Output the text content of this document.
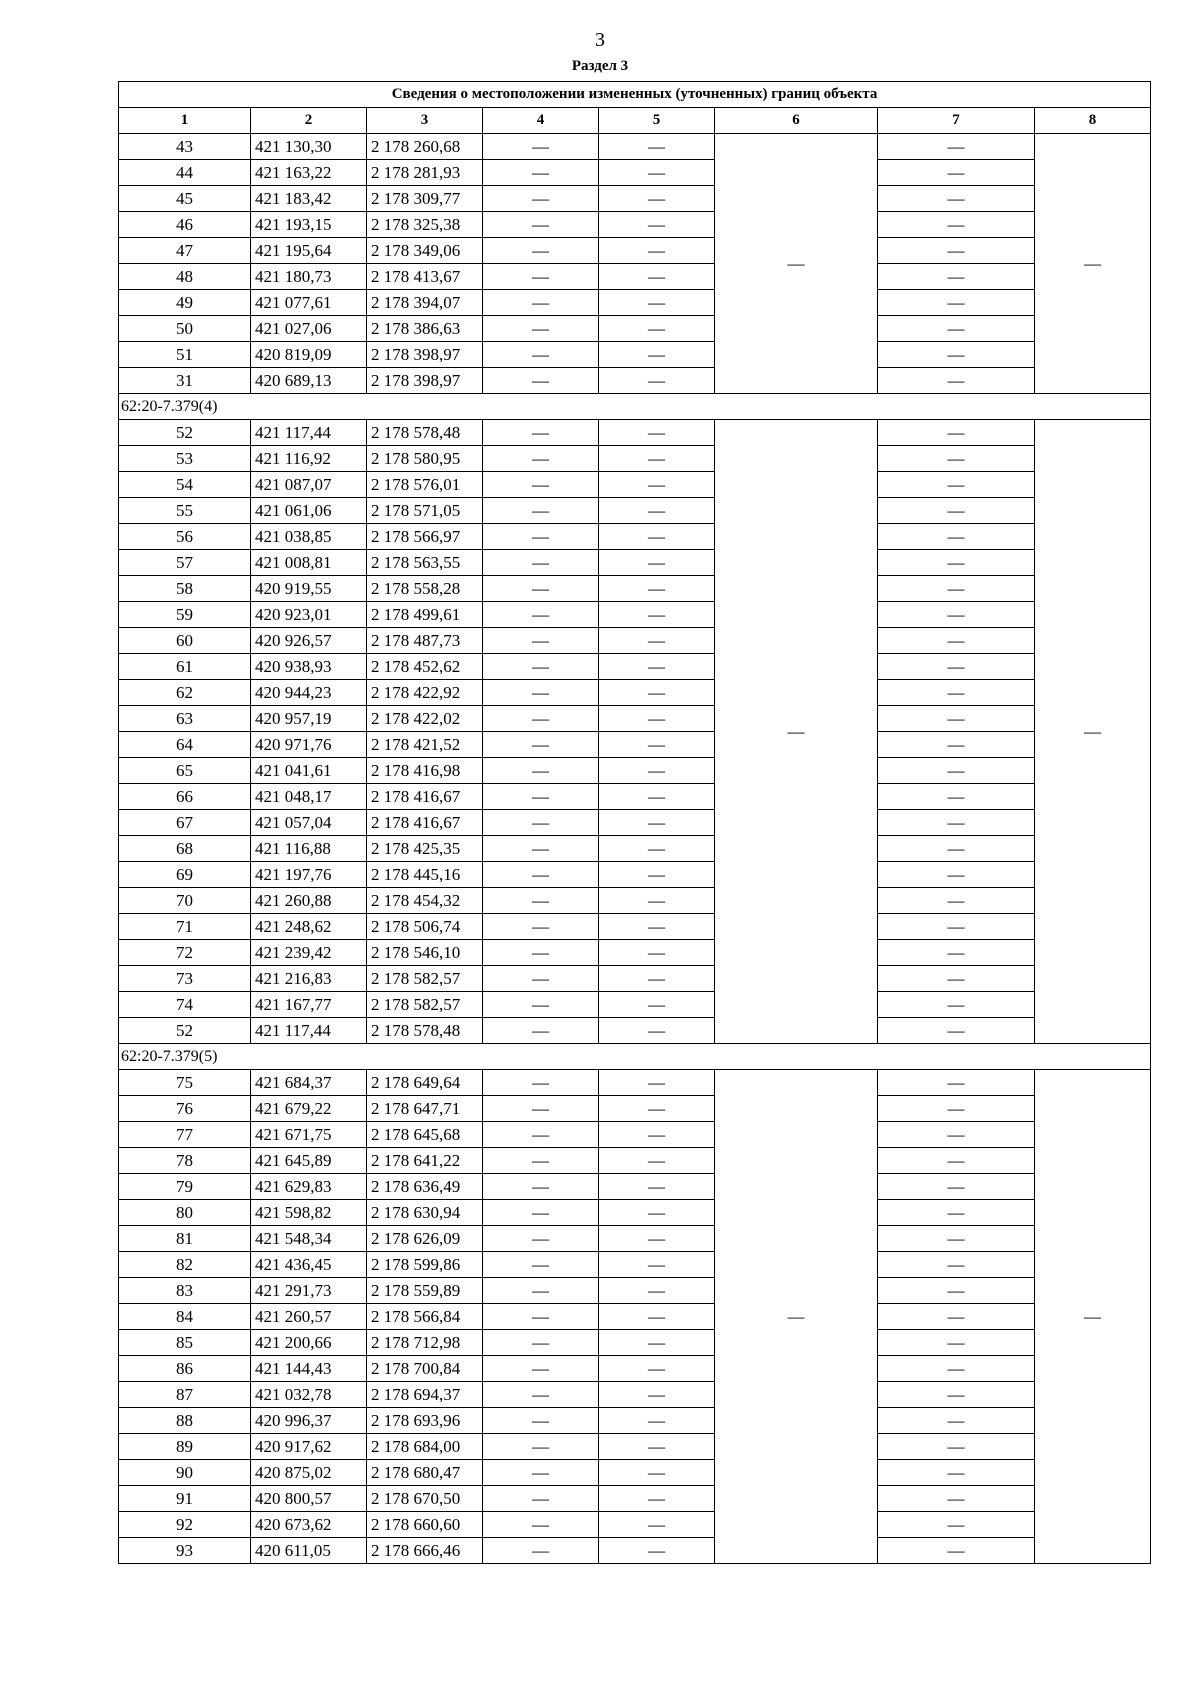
3
Раздел 3
Сведения о местоположении измененных (уточненных) границ объекта							
1	2	3	4	5	6	7	8
43	421 130,30	2 178 260,68	—	—	—	—	—
44	421 163,22	2 178 281,93	—	—		—	
45	421 183,42	2 178 309,77	—	—		—	
46	421 193,15	2 178 325,38	—	—		—	
47	421 195,64	2 178 349,06	—	—		—	
48	421 180,73	2 178 413,67	—	—		—	
49	421 077,61	2 178 394,07	—	—		—	
50	421 027,06	2 178 386,63	—	—		—	
51	420 819,09	2 178 398,97	—	—		—	
31	420 689,13	2 178 398,97	—	—		—	
62:20-7.379(4)							
52	421 117,44	2 178 578,48	—	—	—	—	—
53	421 116,92	2 178 580,95	—	—		—	
54	421 087,07	2 178 576,01	—	—		—	
55	421 061,06	2 178 571,05	—	—		—	
56	421 038,85	2 178 566,97	—	—		—	
57	421 008,81	2 178 563,55	—	—		—	
58	420 919,55	2 178 558,28	—	—		—	
59	420 923,01	2 178 499,61	—	—		—	
60	420 926,57	2 178 487,73	—	—		—	
61	420 938,93	2 178 452,62	—	—		—	
62	420 944,23	2 178 422,92	—	—		—	
63	420 957,19	2 178 422,02	—	—		—	
64	420 971,76	2 178 421,52	—	—		—	
65	421 041,61	2 178 416,98	—	—		—	
66	421 048,17	2 178 416,67	—	—		—	
67	421 057,04	2 178 416,67	—	—		—	
68	421 116,88	2 178 425,35	—	—		—	
69	421 197,76	2 178 445,16	—	—		—	
70	421 260,88	2 178 454,32	—	—		—	
71	421 248,62	2 178 506,74	—	—		—	
72	421 239,42	2 178 546,10	—	—		—	
73	421 216,83	2 178 582,57	—	—		—	
74	421 167,77	2 178 582,57	—	—		—	
52	421 117,44	2 178 578,48	—	—		—	
62:20-7.379(5)							
75	421 684,37	2 178 649,64	—	—	—	—	—
76	421 679,22	2 178 647,71	—	—		—	
77	421 671,75	2 178 645,68	—	—		—	
78	421 645,89	2 178 641,22	—	—		—	
79	421 629,83	2 178 636,49	—	—		—	
80	421 598,82	2 178 630,94	—	—		—	
81	421 548,34	2 178 626,09	—	—		—	
82	421 436,45	2 178 599,86	—	—		—	
83	421 291,73	2 178 559,89	—	—		—	
84	421 260,57	2 178 566,84	—	—		—	
85	421 200,66	2 178 712,98	—	—		—	
86	421 144,43	2 178 700,84	—	—		—	
87	421 032,78	2 178 694,37	—	—		—	
88	420 996,37	2 178 693,96	—	—		—	
89	420 917,62	2 178 684,00	—	—		—	
90	420 875,02	2 178 680,47	—	—		—	
91	420 800,57	2 178 670,50	—	—		—	
92	420 673,62	2 178 660,60	—	—		—	
93	420 611,05	2 178 666,46	—	—		—	
